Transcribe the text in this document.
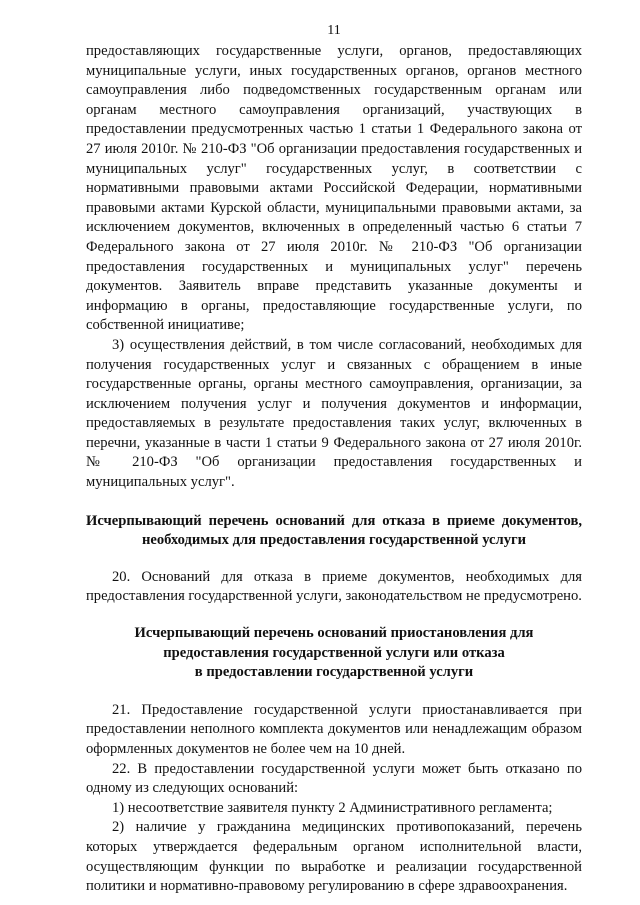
11

предоставляющих государственные услуги, органов, предоставляющих муниципальные услуги, иных государственных органов, органов местного самоуправления либо подведомственных государственным органам или органам местного самоуправления организаций, участвующих в предоставлении предусмотренных частью 1 статьи 1 Федерального закона от 27 июля 2010г. № 210-ФЗ "Об организации предоставления государственных и муниципальных услуг" государственных услуг, в соответствии с нормативными правовыми актами Российской Федерации, нормативными правовыми актами Курской области, муниципальными правовыми актами, за исключением документов, включенных в определенный частью 6 статьи 7 Федерального закона от 27 июля 2010г. № 210-ФЗ "Об организации предоставления государственных и муниципальных услуг" перечень документов. Заявитель вправе представить указанные документы и информацию в органы, предоставляющие государственные услуги, по собственной инициативе;

3) осуществления действий, в том числе согласований, необходимых для получения государственных услуг и связанных с обращением в иные государственные органы, органы местного самоуправления, организации, за исключением получения услуг и получения документов и информации, предоставляемых в результате предоставления таких услуг, включенных в перечни, указанные в части 1 статьи 9 Федерального закона от 27 июля 2010г. № 210-ФЗ "Об организации предоставления государственных и муниципальных услуг".

Исчерпывающий перечень оснований для отказа в приеме документов, необходимых для предоставления государственной услуги

20. Оснований для отказа в приеме документов, необходимых для предоставления государственной услуги, законодательством не предусмотрено.

Исчерпывающий перечень оснований приостановления для
предоставления государственной услуги или отказа
в предоставлении государственной услуги

21. Предоставление государственной услуги приостанавливается при предоставлении неполного комплекта документов или ненадлежащим образом оформленных документов не более чем на 10 дней.

22. В предоставлении государственной услуги может быть отказано по одному из следующих оснований:

1) несоответствие заявителя пункту 2 Административного регламента;

2) наличие у гражданина медицинских противопоказаний, перечень которых утверждается федеральным органом исполнительной власти, осуществляющим функции по выработке и реализации государственной политики и нормативно-правовому регулированию в сфере здравоохранения.
